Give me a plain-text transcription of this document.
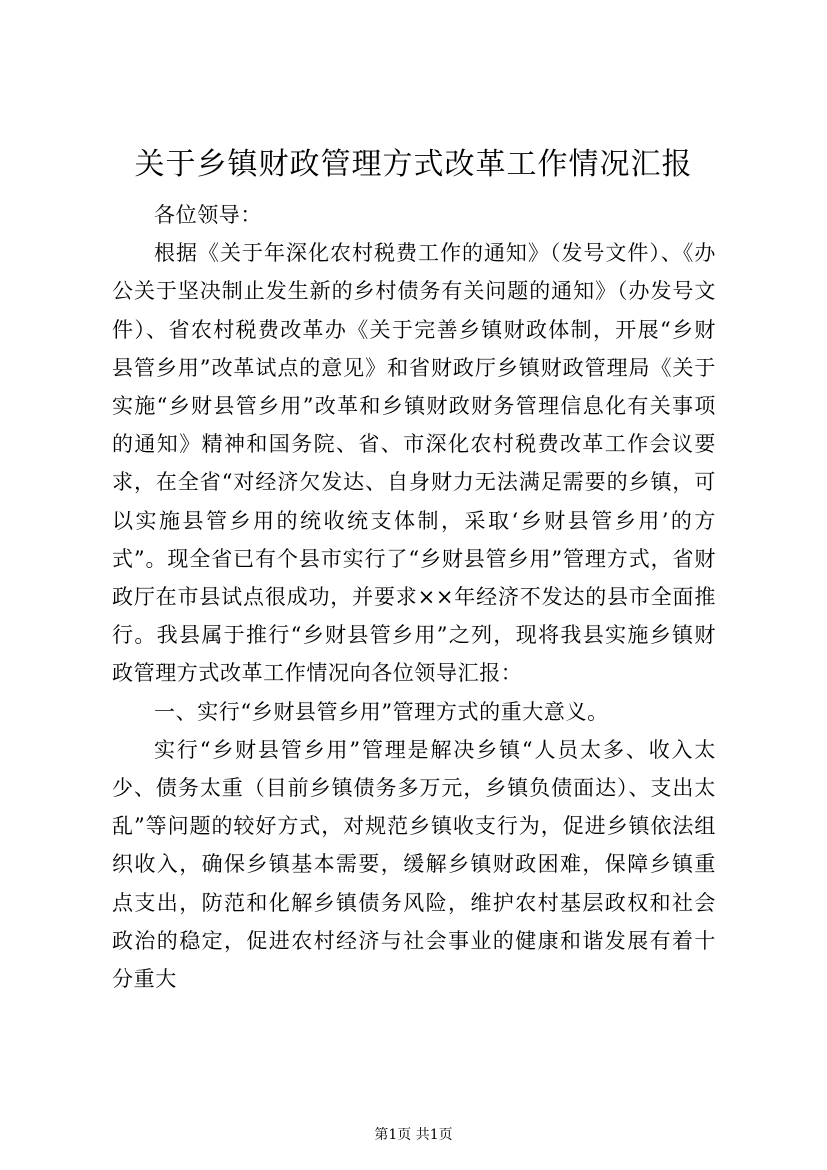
关于乡镇财政管理方式改革工作情况汇报

各位领导：

根据《关于年深化农村税费工作的通知》（发号文件）、《办公关于坚决制止发生新的乡村债务有关问题的通知》（办发号文件）、省农村税费改革办《关于完善乡镇财政体制，开展“乡财县管乡用”改革试点的意见》和省财政厅乡镇财政管理局《关于实施“乡财县管乡用”改革和乡镇财政财务管理信息化有关事项的通知》精神和国务院、省、市深化农村税费改革工作会议要求，在全省“对经济欠发达、自身财力无法满足需要的乡镇，可以实施县管乡用的统收统支体制，采取‘乡财县管乡用’的方式”。现全省已有个县市实行了“乡财县管乡用”管理方式，省财政厅在市县试点很成功，并要求××年经济不发达的县市全面推行。我县属于推行“乡财县管乡用”之列，现将我县实施乡镇财政管理方式改革工作情况向各位领导汇报：

一、实行“乡财县管乡用”管理方式的重大意义。

实行“乡财县管乡用”管理是解决乡镇“人员太多、收入太少、债务太重（目前乡镇债务多万元，乡镇负债面达）、支出太乱”等问题的较好方式，对规范乡镇收支行为，促进乡镇依法组织收入，确保乡镇基本需要，缓解乡镇财政困难，保障乡镇重点支出，防范和化解乡镇债务风险，维护农村基层政权和社会政治的稳定，促进农村经济与社会事业的健康和谐发展有着十分重大

第1页 共1页
